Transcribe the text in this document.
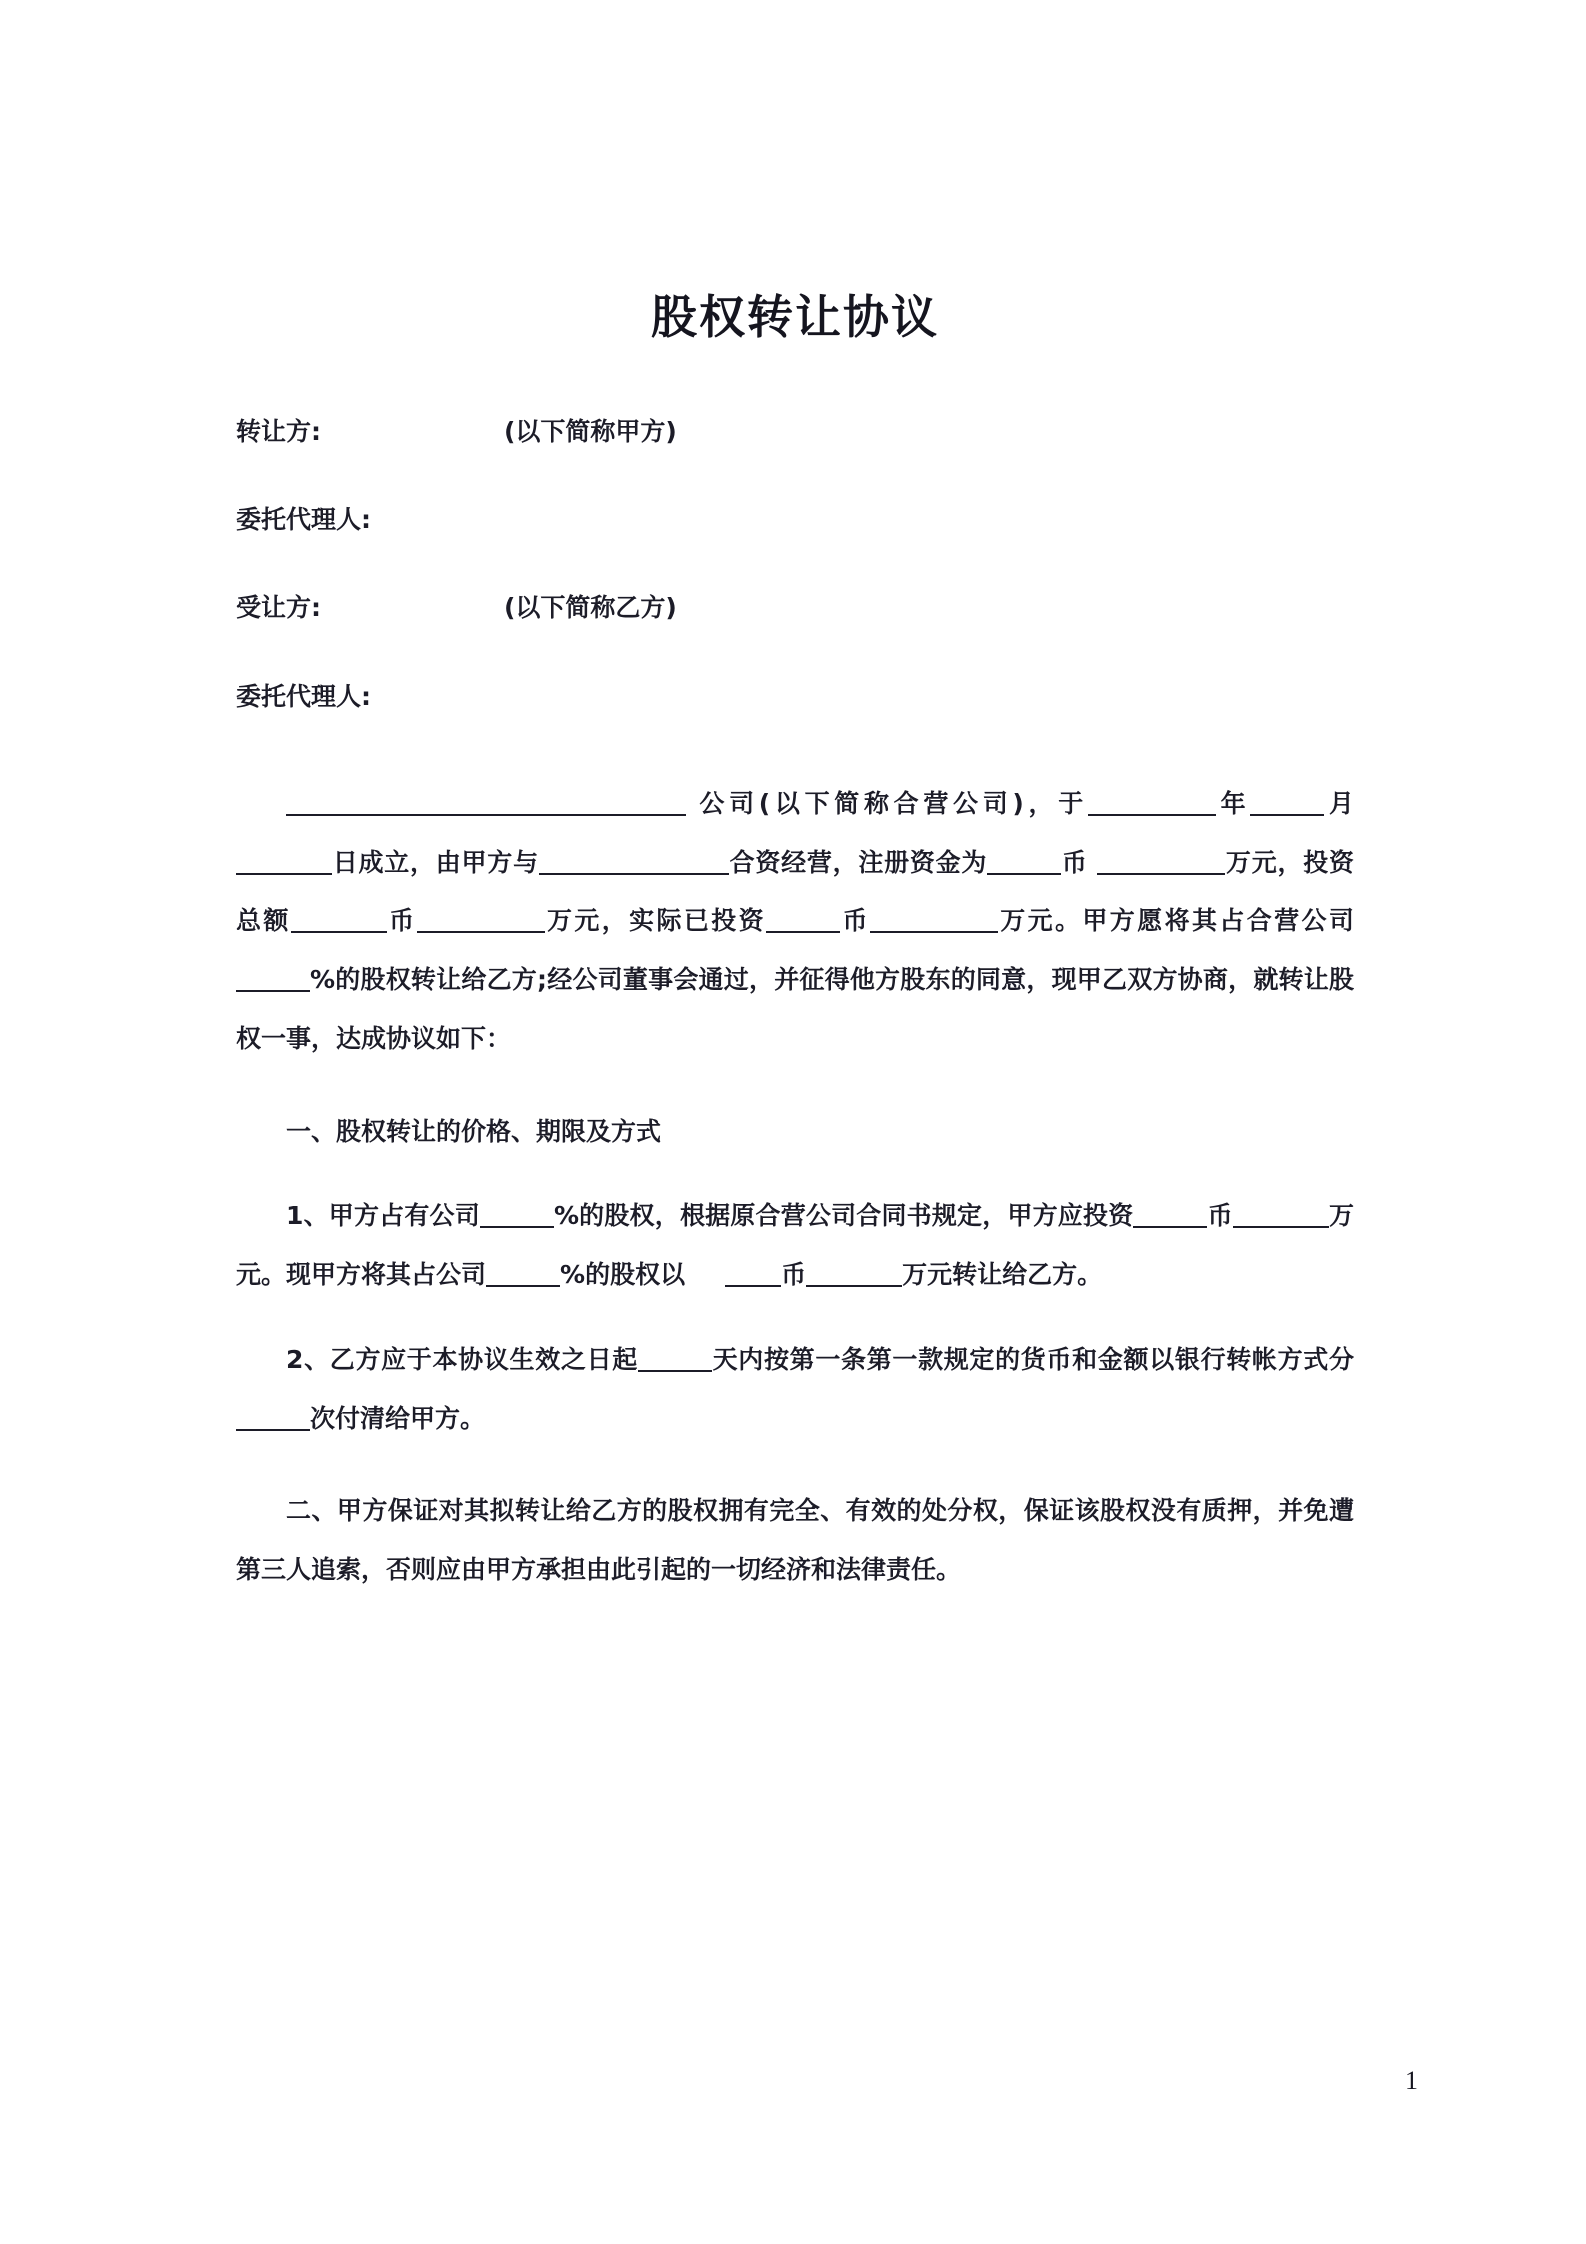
股权转让协议
转让方:	(以下简称甲方)
委托代理人:
受让方:	(以下简称乙方)
委托代理人:

公司(以下简称合营公司)，于	年	月日成立，由甲方与	合资经营，注册资金为	币	万元，投资总额	币	万元，实际已投资	币	万元。甲方愿将其占合营公司%的股权转让给乙方;经公司董事会通过，并征得他方股东的同意，现甲乙双方协商，就转让股权一事，达成协议如下：

一、股权转让的价格、期限及方式

1、甲方占有公司	%的股权，根据原合营公司合同书规定，甲方应投资	币	万元。现甲方将其占公司	%的股权以	币	万元转让给乙方。

2、乙方应于本协议生效之日起	天内按第一条第一款规定的货币和金额以银行转帐方式分次付清给甲方。

二、甲方保证对其拟转让给乙方的股权拥有完全、有效的处分权，保证该股权没有质押，并免遭第三人追索，否则应由甲方承担由此引起的一切经济和法律责任。

1
